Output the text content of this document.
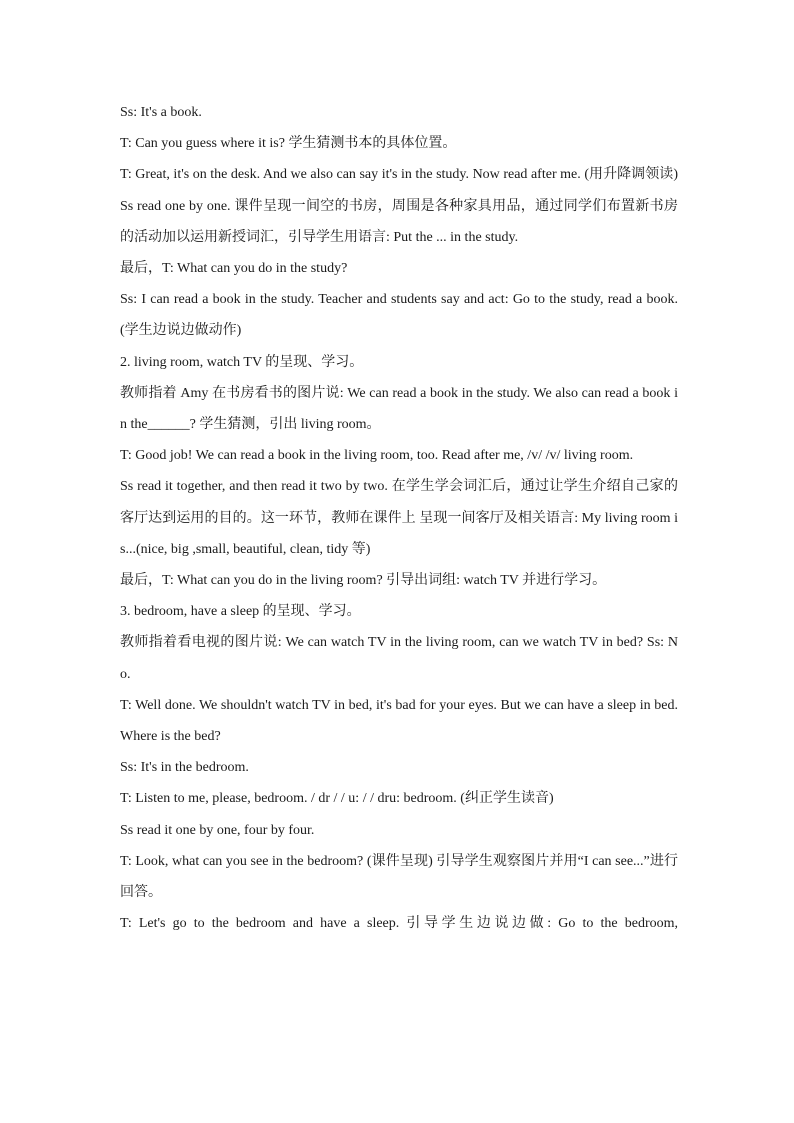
Ss: It's a book.

T: Can you guess where it is? 学生猜测书本的具体位置。

T: Great, it's on the desk. And we also can say it's in the study. Now read after me. (用升降调领读) Ss read one by one. 课件呈现一间空的书房，周围是各种家具用品，通过同学们布置新书房的活动加以运用新授词汇，引导学生用语言: Put the ... in the study.

最后，T: What can you do in the study?

Ss: I can read a book in the study. Teacher and students say and act: Go to the study, read a book. (学生边说边做动作)

2. living room, watch TV 的呈现、学习。

教师指着 Amy 在书房看书的图片说: We can read a book in the study. We also can read a book in the______? 学生猜测，引出 living room。

T: Good job! We can read a book in the living room, too. Read after me, /v/ /v/ living room.

Ss read it together, and then read it two by two. 在学生学会词汇后，通过让学生介绍自己家的客厅达到运用的目的。这一环节，教师在课件上 呈现一间客厅及相关语言: My living room is...(nice, big ,small, beautiful, clean, tidy 等)

最后，T: What can you do in the living room? 引导出词组: watch TV 并进行学习。

3. bedroom, have a sleep 的呈现、学习。

教师指着看电视的图片说: We can watch TV in the living room, can we watch TV in bed? Ss: No.

T: Well done. We shouldn't watch TV in bed, it's bad for your eyes. But we can have a sleep in bed. Where is the bed?

Ss: It's in the bedroom.

T: Listen to me, please, bedroom. / dr / / u: / / dru: bedroom. (纠正学生读音)

Ss read it one by one, four by four.

T: Look, what can you see in the bedroom? (课件呈现) 引导学生观察图片并用“I can see...”进行回答。

T: Let's go to the bedroom and have a sleep. 引导学生边说边做: Go to the bedroom,
